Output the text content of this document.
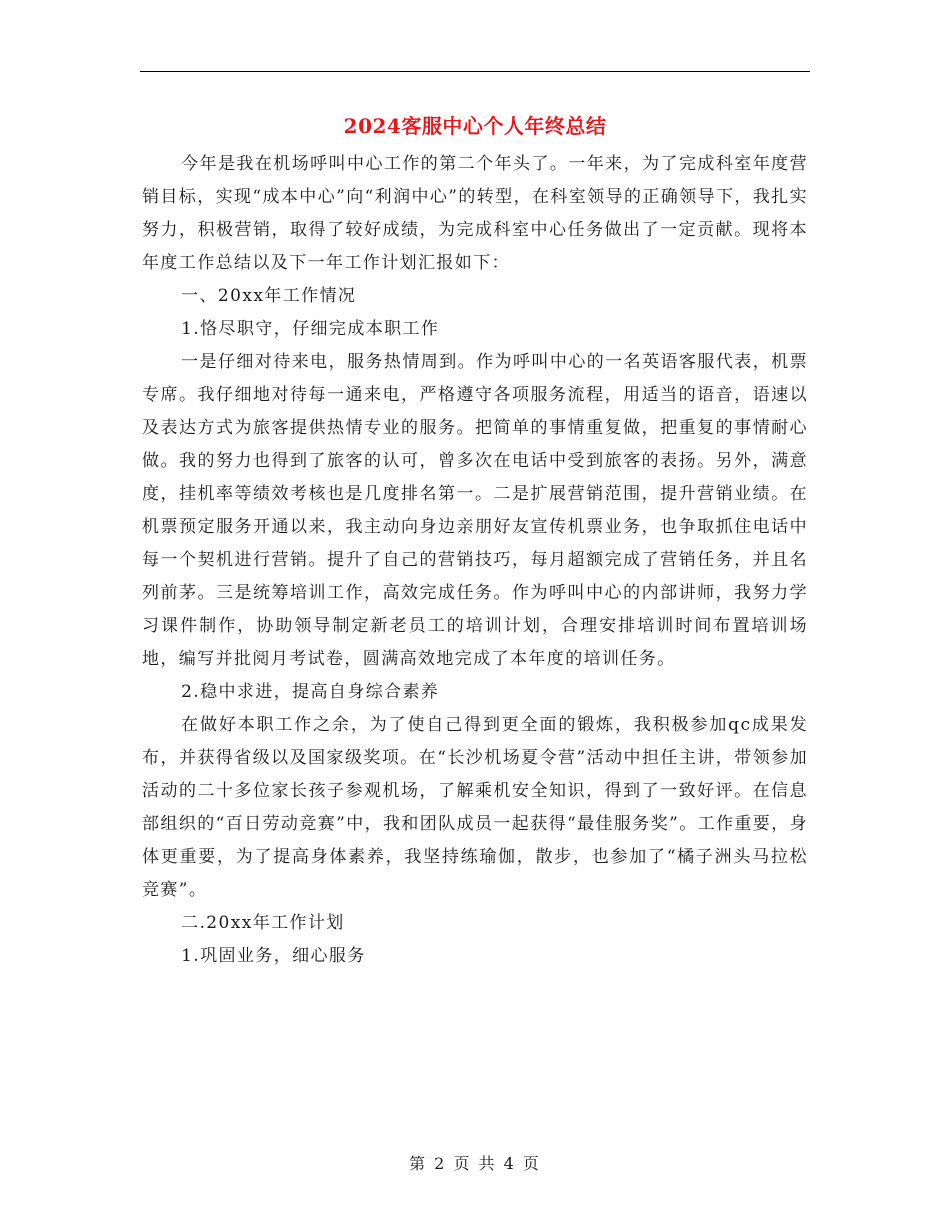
2024客服中心个人年终总结

今年是我在机场呼叫中心工作的第二个年头了。一年来，为了完成科室年度营销目标，实现“成本中心”向“利润中心”的转型，在科室领导的正确领导下，我扎实努力，积极营销，取得了较好成绩，为完成科室中心任务做出了一定贡献。现将本年度工作总结以及下一年工作计划汇报如下：

一、20xx年工作情况

1.恪尽职守，仔细完成本职工作

一是仔细对待来电，服务热情周到。作为呼叫中心的一名英语客服代表，机票专席。我仔细地对待每一通来电，严格遵守各项服务流程，用适当的语音，语速以及表达方式为旅客提供热情专业的服务。把简单的事情重复做，把重复的事情耐心做。我的努力也得到了旅客的认可，曾多次在电话中受到旅客的表扬。另外，满意度，挂机率等绩效考核也是几度排名第一。二是扩展营销范围，提升营销业绩。在机票预定服务开通以来，我主动向身边亲朋好友宣传机票业务，也争取抓住电话中每一个契机进行营销。提升了自己的营销技巧，每月超额完成了营销任务，并且名列前茅。三是统筹培训工作，高效完成任务。作为呼叫中心的内部讲师，我努力学习课件制作，协助领导制定新老员工的培训计划，合理安排培训时间布置培训场地，编写并批阅月考试卷，圆满高效地完成了本年度的培训任务。

2.稳中求进，提高自身综合素养

在做好本职工作之余，为了使自己得到更全面的锻炼，我积极参加qc成果发布，并获得省级以及国家级奖项。在“长沙机场夏令营”活动中担任主讲，带领参加活动的二十多位家长孩子参观机场，了解乘机安全知识，得到了一致好评。在信息部组织的“百日劳动竞赛”中，我和团队成员一起获得“最佳服务奖”。工作重要，身体更重要，为了提高身体素养，我坚持练瑜伽，散步，也参加了“橘子洲头马拉松竞赛”。

二.20xx年工作计划

1.巩固业务，细心服务

第 2 页 共 4 页
